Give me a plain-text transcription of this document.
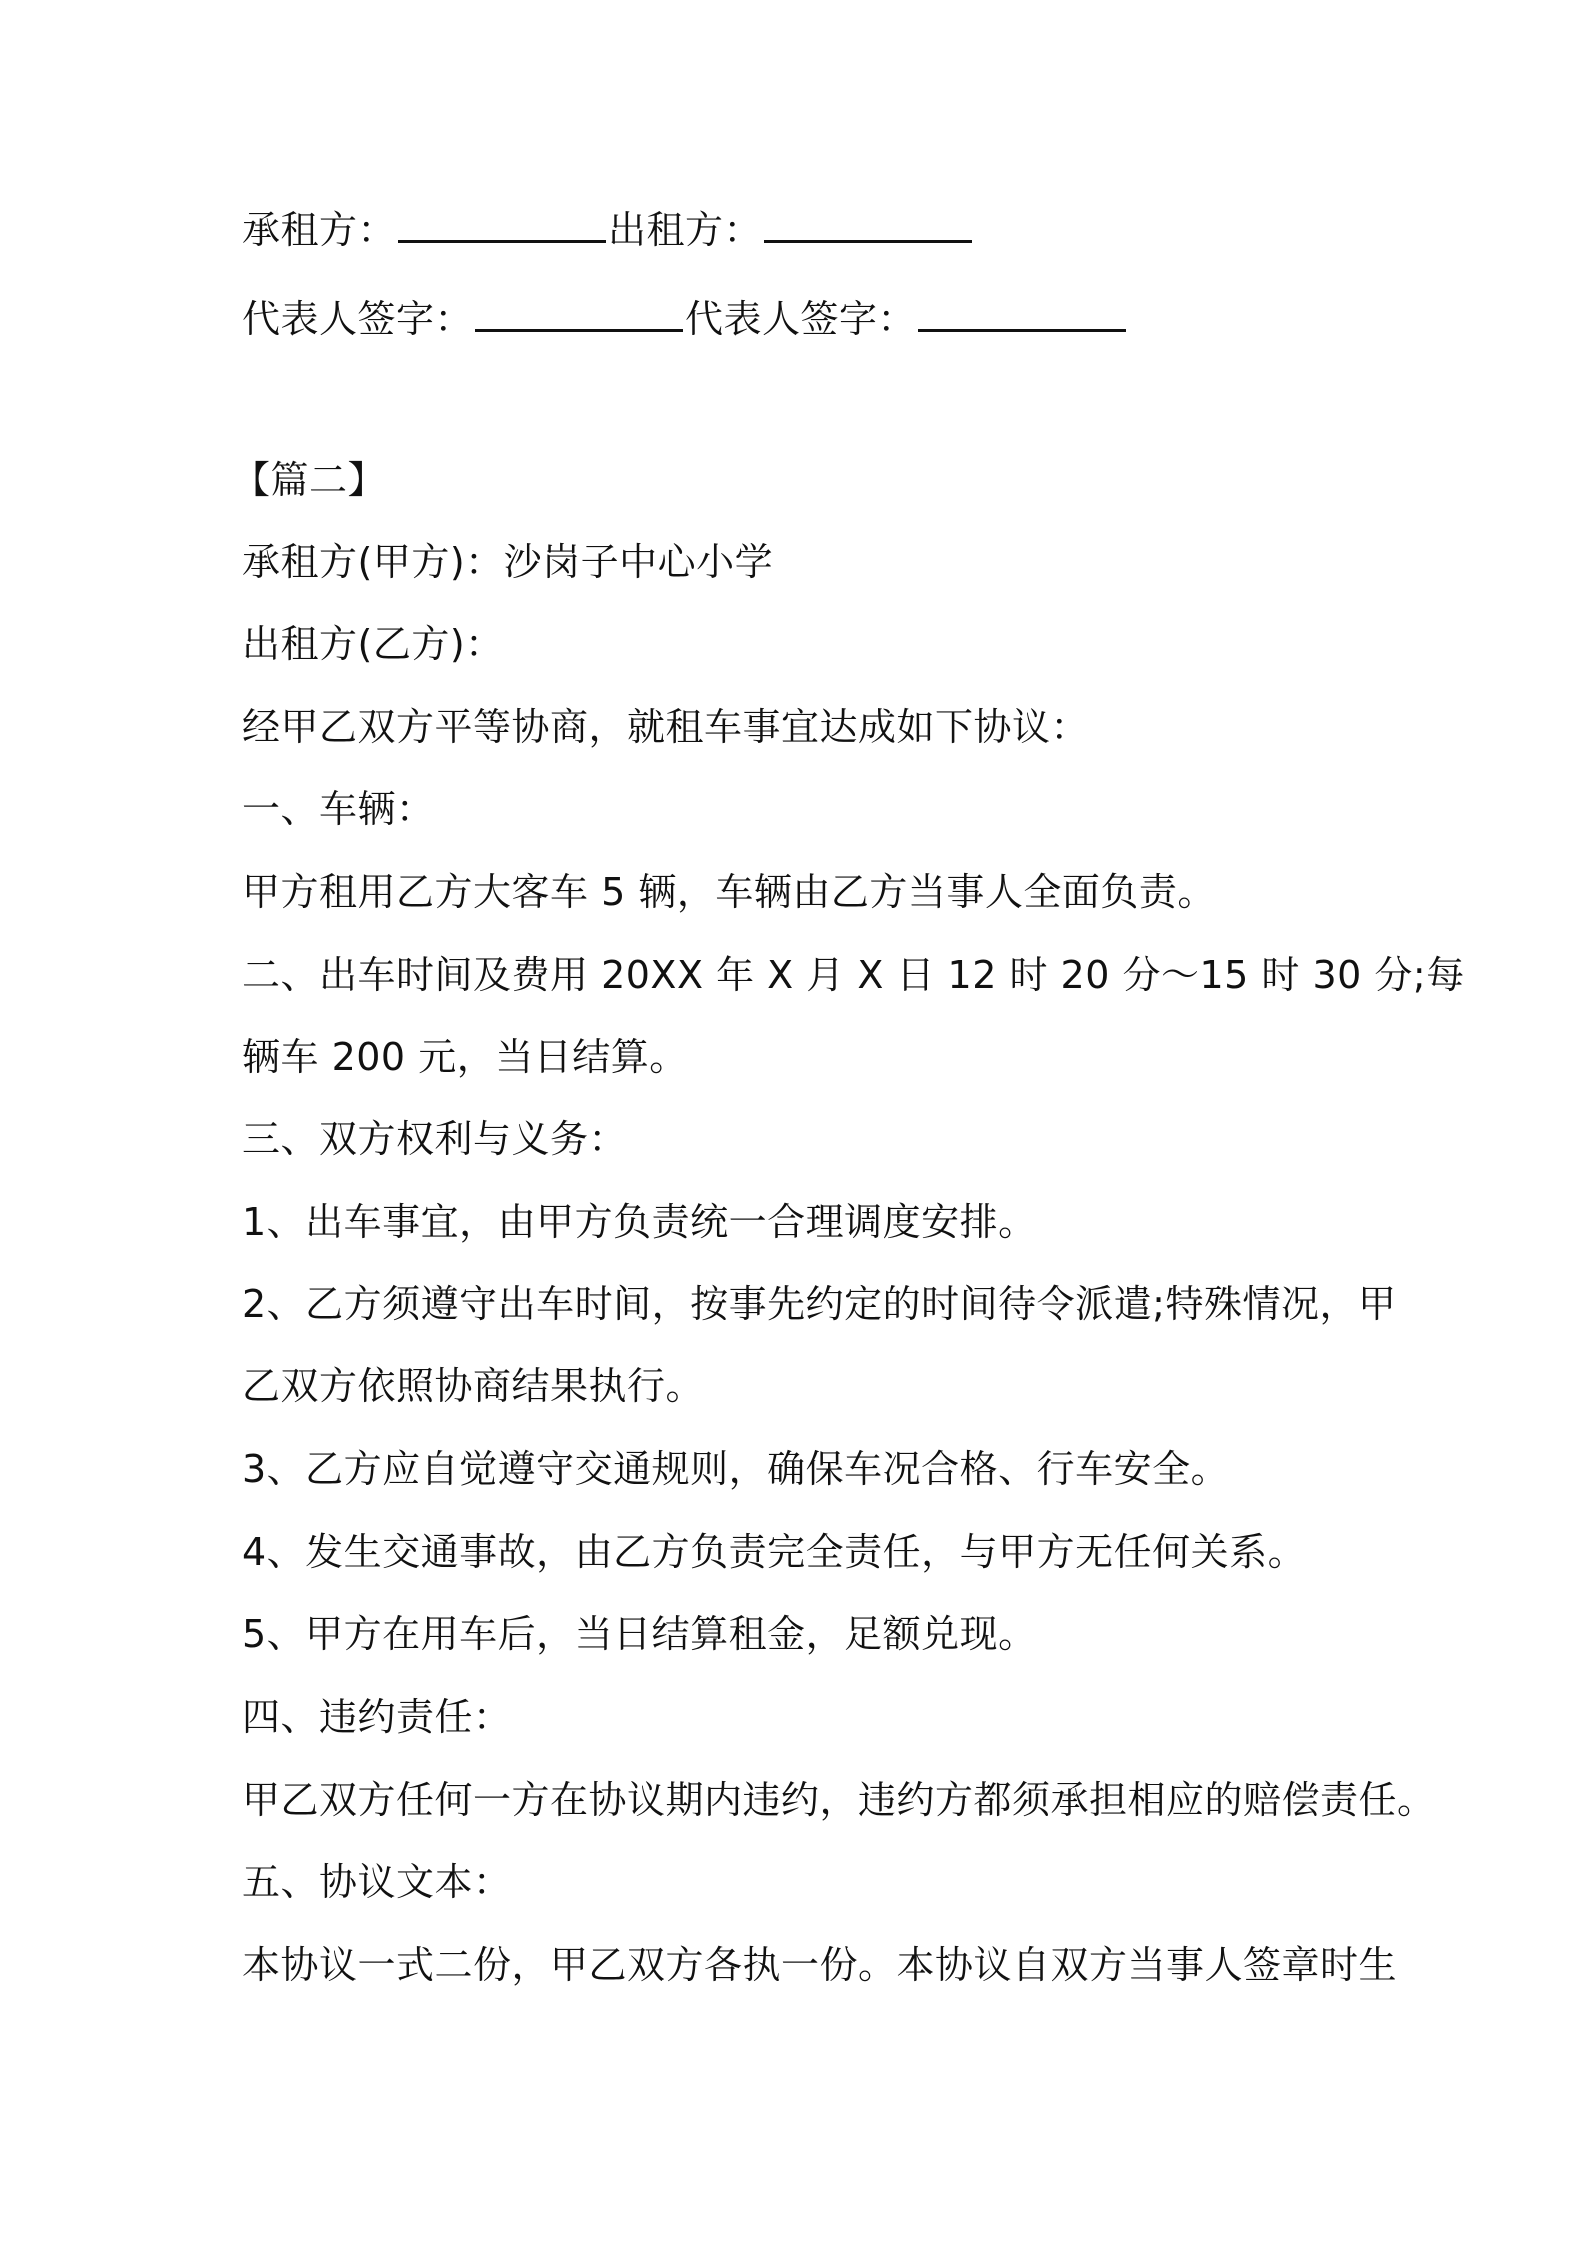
承租方：	出租方：
代表人签字：	代表人签字：
【篇二】
承租方(甲方)：沙岗子中心小学
出租方(乙方)：
经甲乙双方平等协商，就租车事宜达成如下协议：
一、车辆：
甲方租用乙方大客车 5 辆，车辆由乙方当事人全面负责。
二、出车时间及费用 20XX 年 X 月 X 日 12 时 20 分～15 时 30 分;每
辆车 200 元，当日结算。
三、双方权利与义务：
1、出车事宜，由甲方负责统一合理调度安排。
2、乙方须遵守出车时间，按事先约定的时间待令派遣;特殊情况，甲
乙双方依照协商结果执行。
3、乙方应自觉遵守交通规则，确保车况合格、行车安全。
4、发生交通事故，由乙方负责完全责任，与甲方无任何关系。
5、甲方在用车后，当日结算租金，足额兑现。
四、违约责任：
甲乙双方任何一方在协议期内违约，违约方都须承担相应的赔偿责任。
五、协议文本：
本协议一式二份，甲乙双方各执一份。本协议自双方当事人签章时生
